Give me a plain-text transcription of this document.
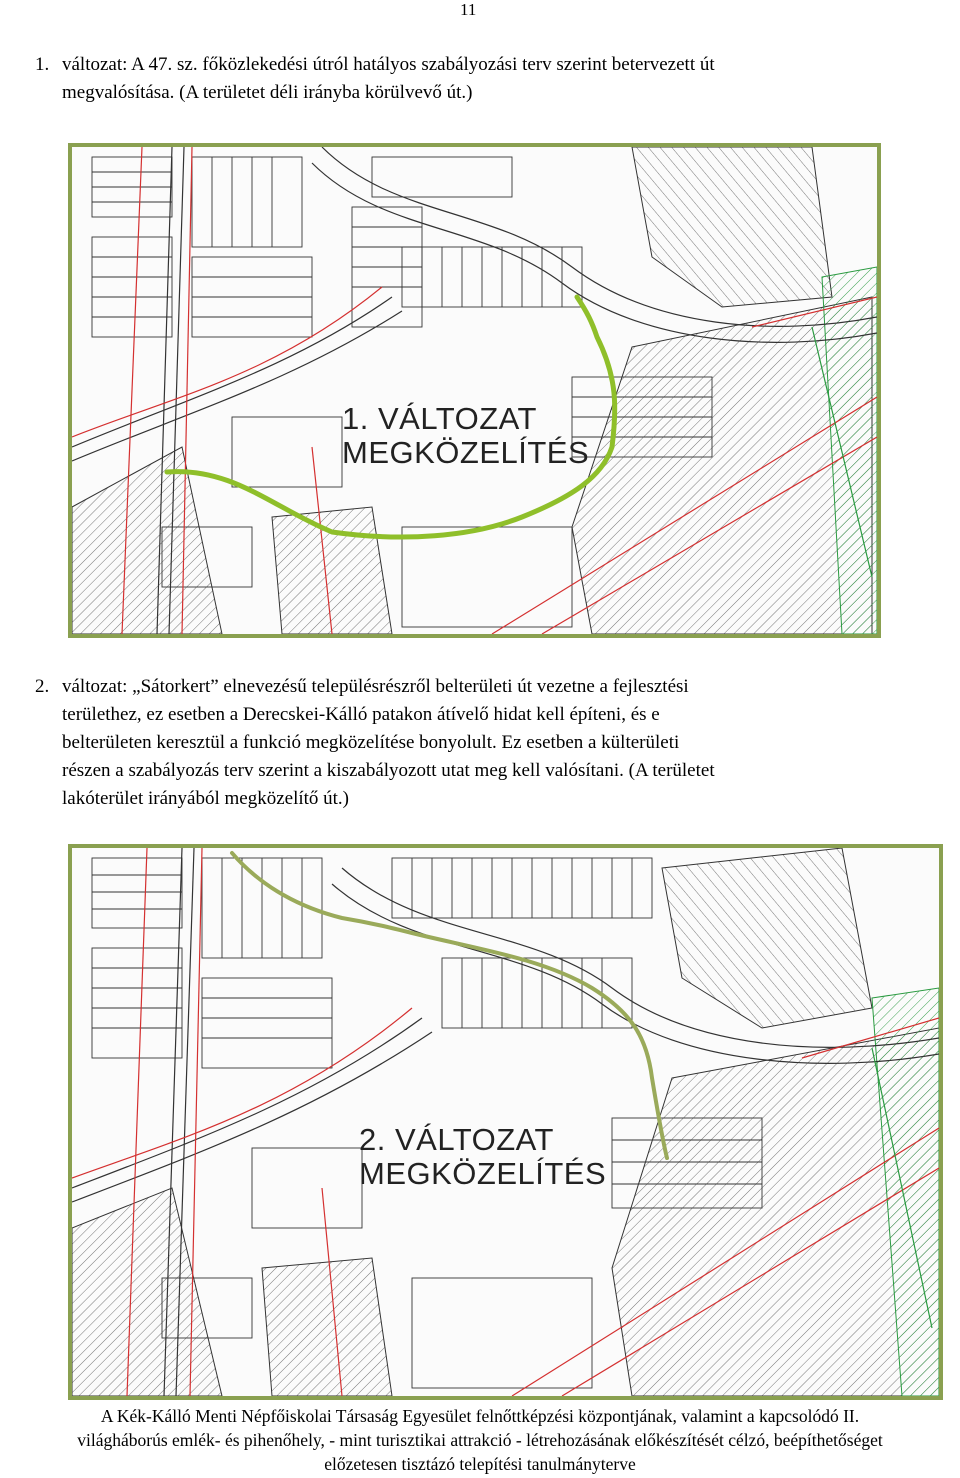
11
1. változat: A 47. sz. főközlekedési útról hatályos szabályozási terv szerint betervezett út
megvalósítása. (A területet déli irányba körülvevő út.)
1. VÁLTOZAT
MEGKÖZELÍTÉS
2. változat: „Sátorkert” elnevezésű településrészről belterületi út vezetne a fejlesztési
területhez, ez esetben a Derecskei-Kálló patakon átívelő hidat kell építeni, és e
belterületen keresztül a funkció megközelítése bonyolult. Ez esetben a külterületi
részen a szabályozás terv szerint a kiszabályozott utat meg kell valósítani. (A területet
lakóterület irányából megközelítő út.)
2. VÁLTOZAT
MEGKÖZELÍTÉS
A Kék-Kálló Menti Népfőiskolai Társaság Egyesület felnőttképzési központjának, valamint a kapcsolódó II.
világháborús emlék- és pihenőhely, - mint turisztikai attrakció - létrehozásának előkészítését célzó, beépíthetőséget
előzetesen tisztázó telepítési tanulmányterve
